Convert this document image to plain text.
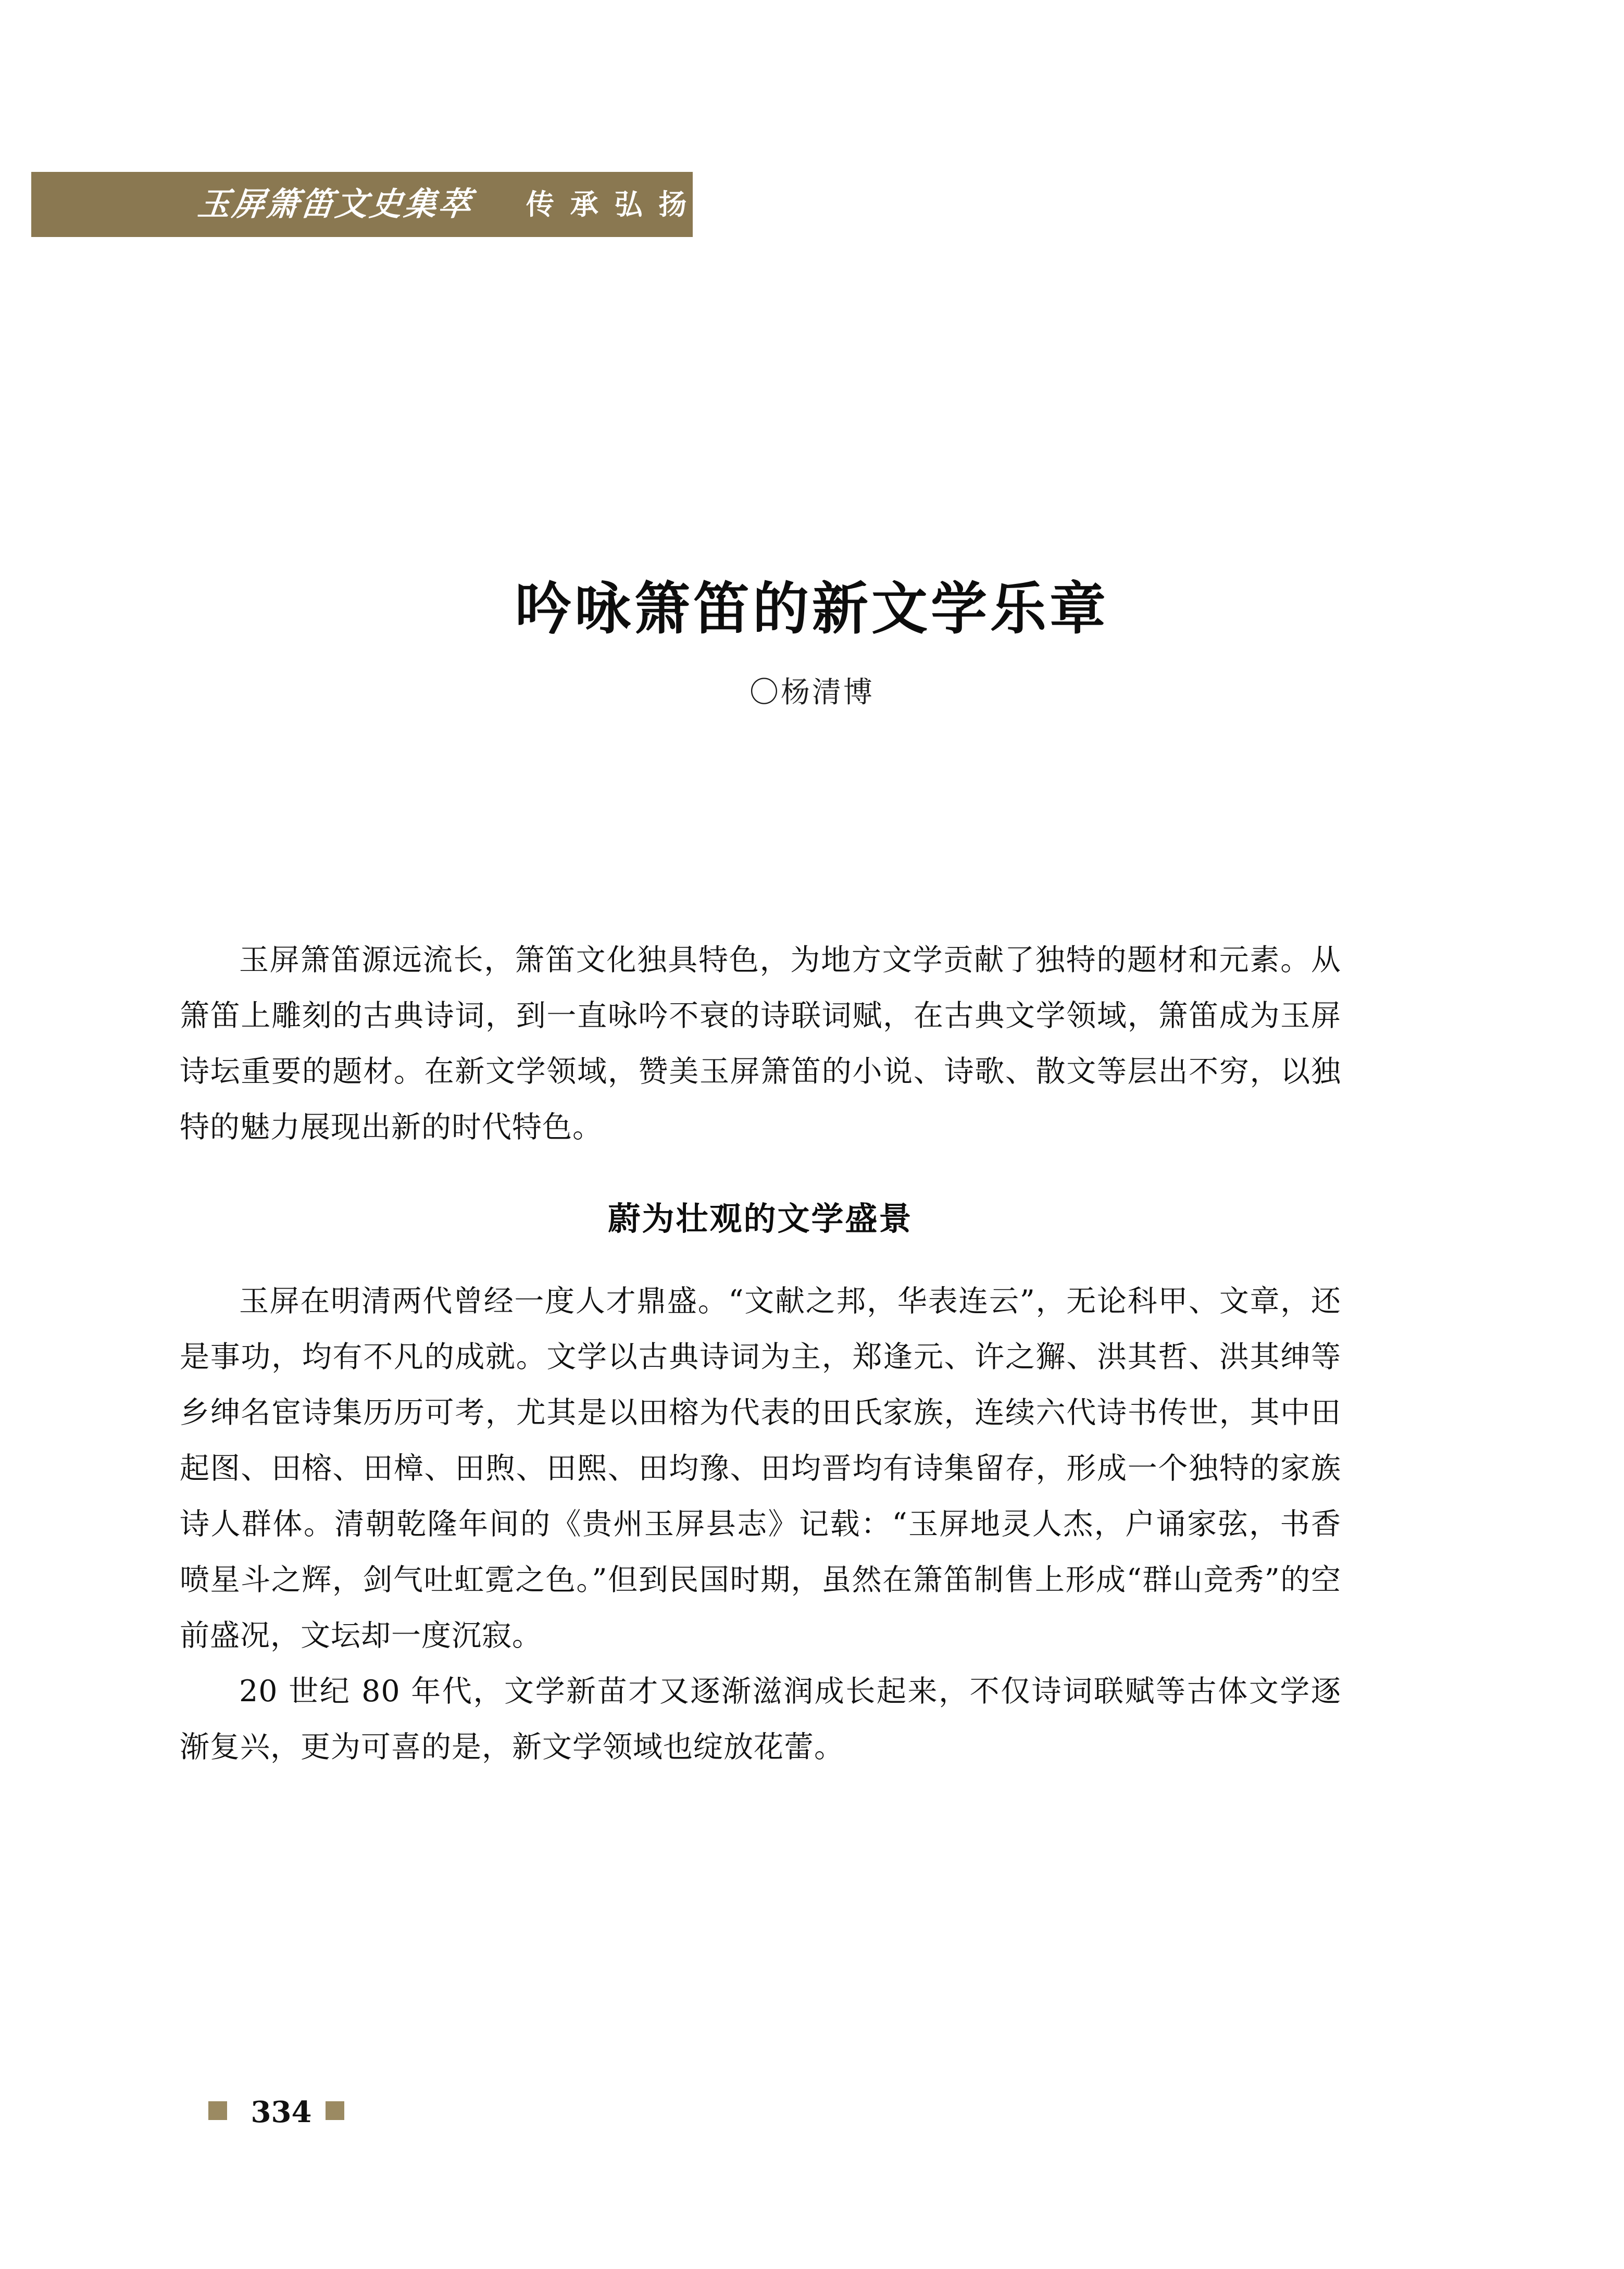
玉屏箫笛文史集萃	传 承 弘 扬
吟咏箫笛的新文学乐章
〇杨清博

玉屏箫笛源远流长，箫笛文化独具特色，为地方文学贡献了独特的题材和元素。从箫笛上雕刻的古典诗词，到一直咏吟不衰的诗联词赋，在古典文学领域，箫笛成为玉屏诗坛重要的题材。在新文学领域，赞美玉屏箫笛的小说、诗歌、散文等层出不穷，以独特的魅力展现出新的时代特色。

蔚为壮观的文学盛景

玉屏在明清两代曾经一度人才鼎盛。“文献之邦，华表连云”，无论科甲、文章，还是事功，均有不凡的成就。文学以古典诗词为主，郑逢元、许之獬、洪其哲、洪其绅等乡绅名宦诗集历历可考，尤其是以田榕为代表的田氏家族，连续六代诗书传世，其中田起图、田榕、田樟、田煦、田熙、田均豫、田均晋均有诗集留存，形成一个独特的家族诗人群体。清朝乾隆年间的《贵州玉屏县志》记载：“玉屏地灵人杰，户诵家弦，书香喷星斗之辉，剑气吐虹霓之色。”但到民国时期，虽然在箫笛制售上形成“群山竞秀”的空前盛况，文坛却一度沉寂。

20 世纪 80 年代，文学新苗才又逐渐滋润成长起来，不仅诗词联赋等古体文学逐渐复兴，更为可喜的是，新文学领域也绽放花蕾。

334
